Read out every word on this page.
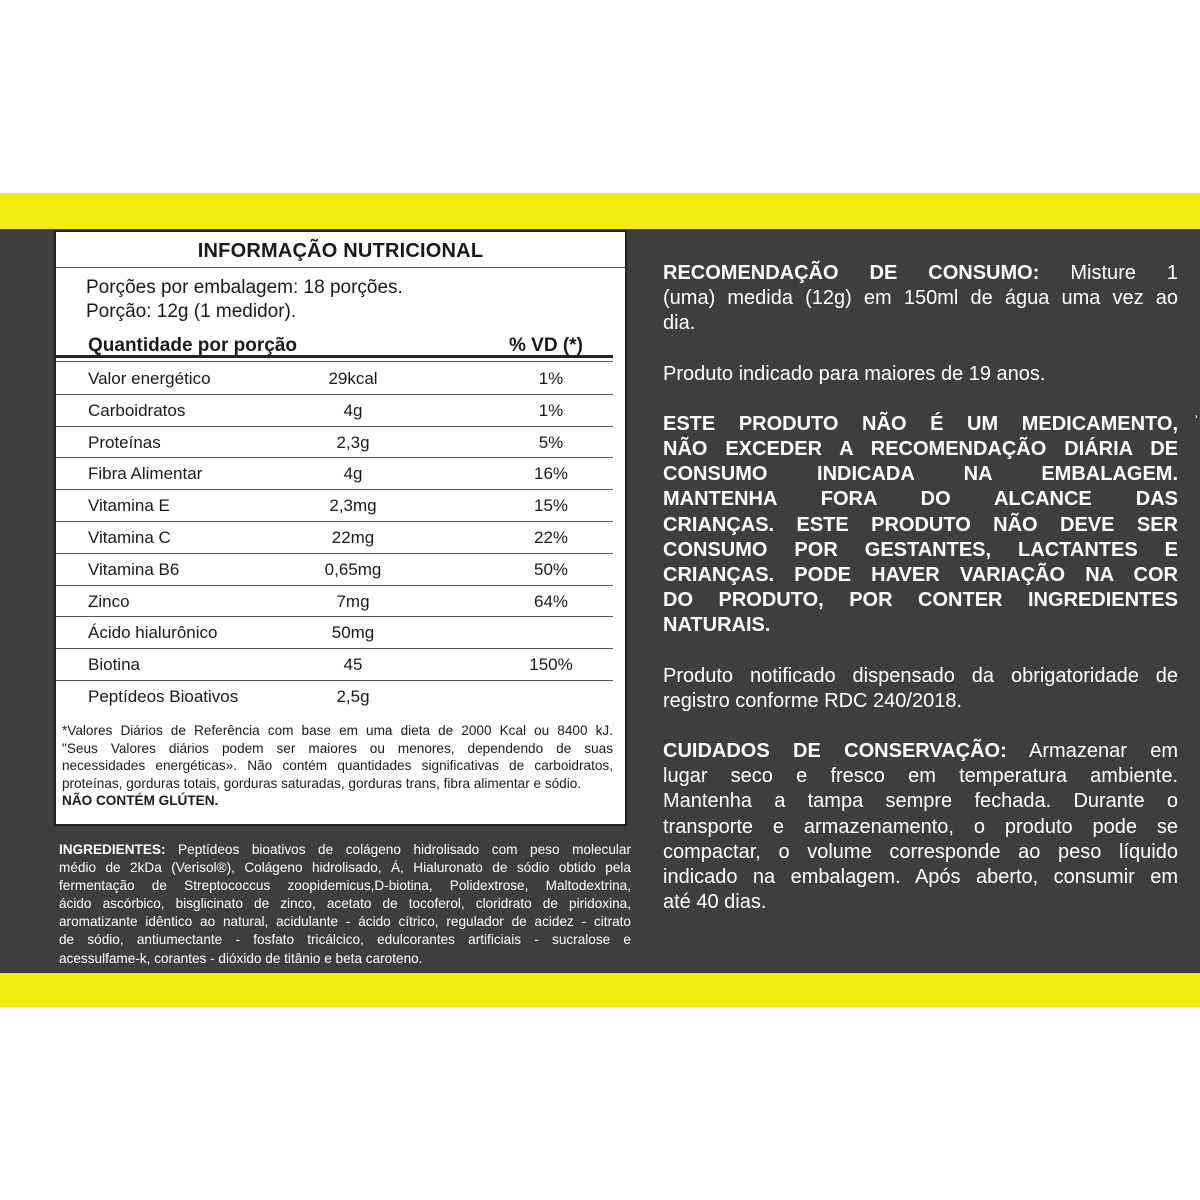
INFORMAÇÃO NUTRICIONAL
Porções por embalagem: 18 porções.
Porção: 12g (1 medidor).
Quantidade por porção	% VD (*)
Valor energético	29kcal	1%
Carboidratos	4g	1%
Proteínas	2,3g	5%
Fibra Alimentar	4g	16%
Vitamina E	2,3mg	15%
Vitamina C	22mg	22%
Vitamina B6	0,65mg	50%
Zinco	7mg	64%
Ácido hialurônico	50mg
Biotina	45	150%
Peptídeos Bioativos	2,5g
*Valores Diários de Referência com base em uma dieta de 2000 Kcal ou 8400 kJ.
"Seus Valores diários podem ser maiores ou menores, dependendo de suas
necessidades energéticas». Não contém quantidades significativas de carboidratos,
proteínas, gorduras totais, gorduras saturadas, gorduras trans, fibra alimentar e sódio.
NÃO CONTÉM GLÚTEN.
INGREDIENTES: Peptídeos bioativos de colágeno hidrolisado com peso molecular
médio de 2kDa (Verisol®), Colágeno hidrolisado, Á, Hialuronato de sódio obtido pela
fermentação de Streptococcus zoopidemicus,D-biotina, Polidextrose, Maltodextrina,
ácido ascórbico, bisglicinato de zinco, acetato de tocoferol, cloridrato de piridoxina,
aromatizante idêntico ao natural, acidulante - ácido cítrico, regulador de acidez - citrato
de sódio, antiumectante - fosfato tricálcico, edulcorantes artificiais - sucralose e
acessulfame-k, corantes - dióxido de titânio e beta caroteno.
RECOMENDAÇÃO DE CONSUMO: Misture 1
(uma) medida (12g) em 150ml de água uma vez ao
dia.
Produto indicado para maiores de 19 anos.
ESTE PRODUTO NÃO É UM MEDICAMENTO,
NÃO EXCEDER A RECOMENDAÇÃO DIÁRIA DE
CONSUMO INDICADA NA EMBALAGEM.
MANTENHA FORA DO ALCANCE DAS
CRIANÇAS. ESTE PRODUTO NÃO DEVE SER
CONSUMO POR GESTANTES, LACTANTES E
CRIANÇAS. PODE HAVER VARIAÇÃO NA COR
DO PRODUTO, POR CONTER INGREDIENTES
NATURAIS.
Produto notificado dispensado da obrigatoridade de
registro conforme RDC 240/2018.
CUIDADOS DE CONSERVAÇÃO: Armazenar em
lugar seco e fresco em temperatura ambiente.
Mantenha a tampa sempre fechada. Durante o
transporte e armazenamento, o produto pode se
compactar, o volume corresponde ao peso líquido
indicado na embalagem. Após aberto, consumir em
até 40 dias.
ʾ
